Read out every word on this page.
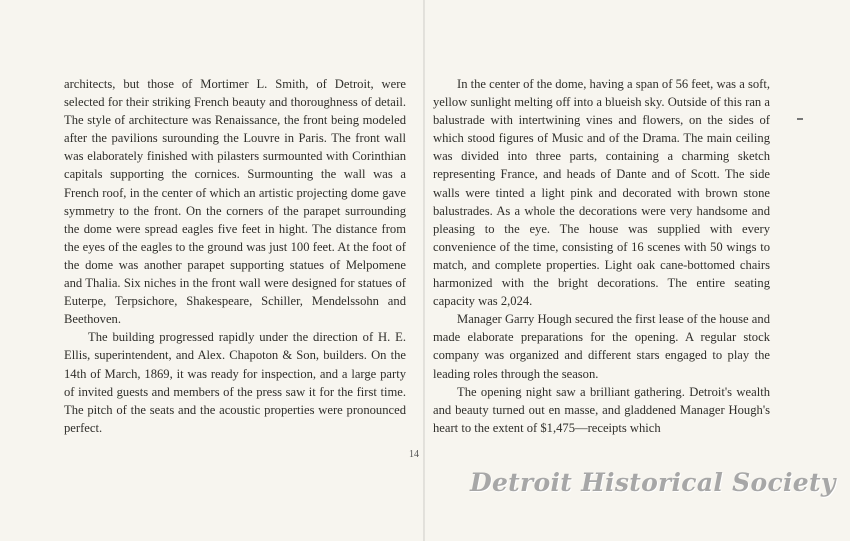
architects, but those of Mortimer L. Smith, of Detroit, were selected for their striking French beauty and thoroughness of detail. The style of architecture was Renaissance, the front being modeled after the pavilions surounding the Louvre in Paris. The front wall was elaborately finished with pilasters surmounted with Corinthian capitals supporting the cornices. Surmounting the wall was a French roof, in the center of which an artistic projecting dome gave symmetry to the front. On the corners of the parapet surrounding the dome were spread eagles five feet in hight. The distance from the eyes of the eagles to the ground was just 100 feet. At the foot of the dome was another parapet supporting statues of Melpomene and Thalia. Six niches in the front wall were designed for statues of Euterpe, Terpsichore, Shakespeare, Schiller, Mendelssohn and Beethoven.

The building progressed rapidly under the direction of H. E. Ellis, superintendent, and Alex. Chapoton & Son, builders. On the 14th of March, 1869, it was ready for inspection, and a large party of invited guests and members of the press saw it for the first time. The pitch of the seats and the acoustic properties were pronounced perfect.

In the center of the dome, having a span of 56 feet, was a soft, yellow sunlight melting off into a blueish sky. Outside of this ran a balustrade with intertwining vines and flowers, on the sides of which stood figures of Music and of the Drama. The main ceiling was divided into three parts, containing a charming sketch representing France, and heads of Dante and of Scott. The side walls were tinted a light pink and decorated with brown stone balustrades. As a whole the decorations were very handsome and pleasing to the eye. The house was supplied with every convenience of the time, consisting of 16 scenes with 50 wings to match, and complete properties. Light oak cane-bottomed chairs harmonized with the bright decorations. The entire seating capacity was 2,024.

Manager Garry Hough secured the first lease of the house and made elaborate preparations for the opening. A regular stock company was organized and different stars engaged to play the leading roles through the season.

The opening night saw a brilliant gathering. Detroit's wealth and beauty turned out en masse, and gladdened Manager Hough's heart to the extent of $1,475—receipts which

14
Detroit Historical Society
